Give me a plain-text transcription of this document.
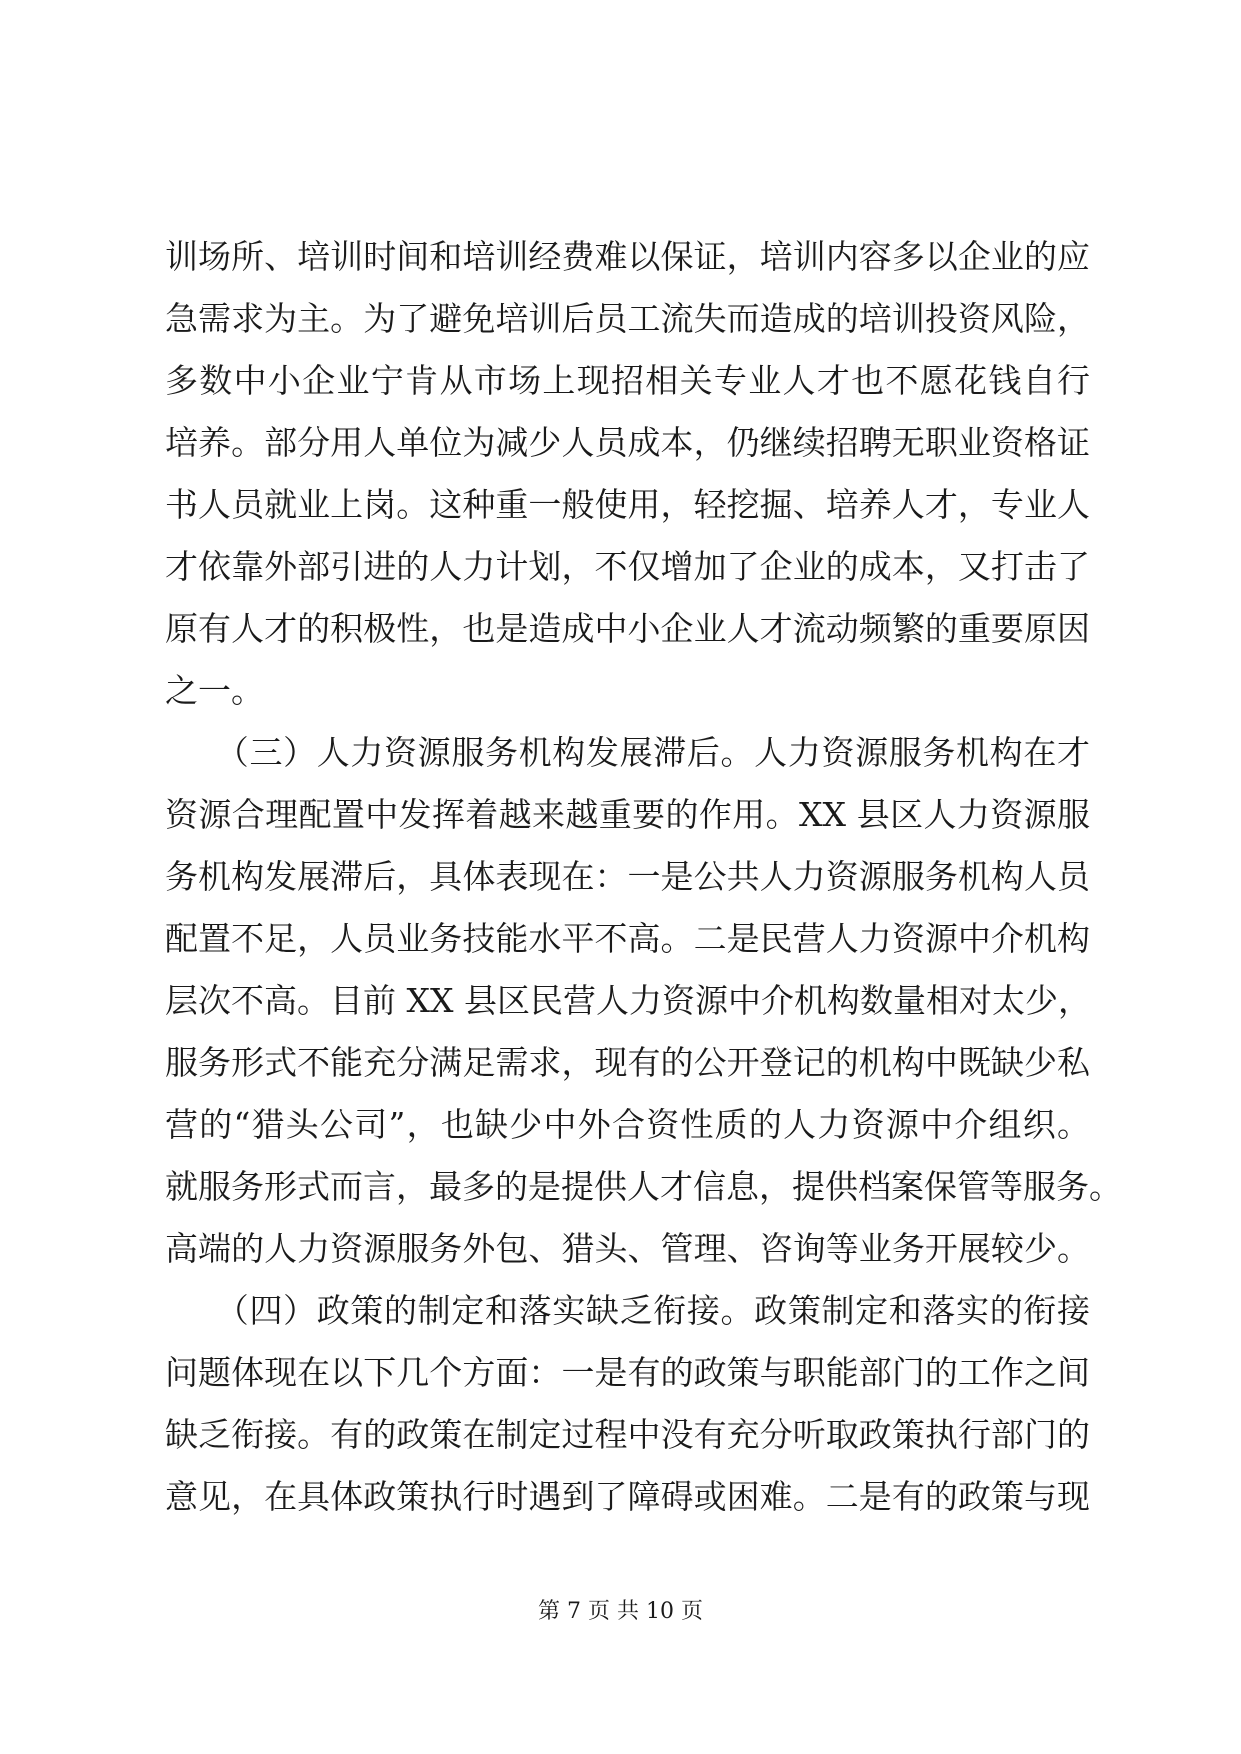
训场所、培训时间和培训经费难以保证，培训内容多以企业的应
急需求为主。为了避免培训后员工流失而造成的培训投资风险，
多数中小企业宁肯从市场上现招相关专业人才也不愿花钱自行
培养。部分用人单位为减少人员成本，仍继续招聘无职业资格证
书人员就业上岗。这种重一般使用，轻挖掘、培养人才，专业人
才依靠外部引进的人力计划，不仅增加了企业的成本，又打击了
原有人才的积极性，也是造成中小企业人才流动频繁的重要原因
之一。
　　（三）人力资源服务机构发展滞后。人力资源服务机构在才
资源合理配置中发挥着越来越重要的作用。XX 县区人力资源服
务机构发展滞后，具体表现在：一是公共人力资源服务机构人员
配置不足，人员业务技能水平不高。二是民营人力资源中介机构
层次不高。目前 XX 县区民营人力资源中介机构数量相对太少，
服务形式不能充分满足需求，现有的公开登记的机构中既缺少私
营的“猎头公司”，也缺少中外合资性质的人力资源中介组织。
就服务形式而言，最多的是提供人才信息，提供档案保管等服务。
高端的人力资源服务外包、猎头、管理、咨询等业务开展较少。
　　（四）政策的制定和落实缺乏衔接。政策制定和落实的衔接
问题体现在以下几个方面：一是有的政策与职能部门的工作之间
缺乏衔接。有的政策在制定过程中没有充分听取政策执行部门的
意见，在具体政策执行时遇到了障碍或困难。二是有的政策与现
第 7 页 共 10 页
